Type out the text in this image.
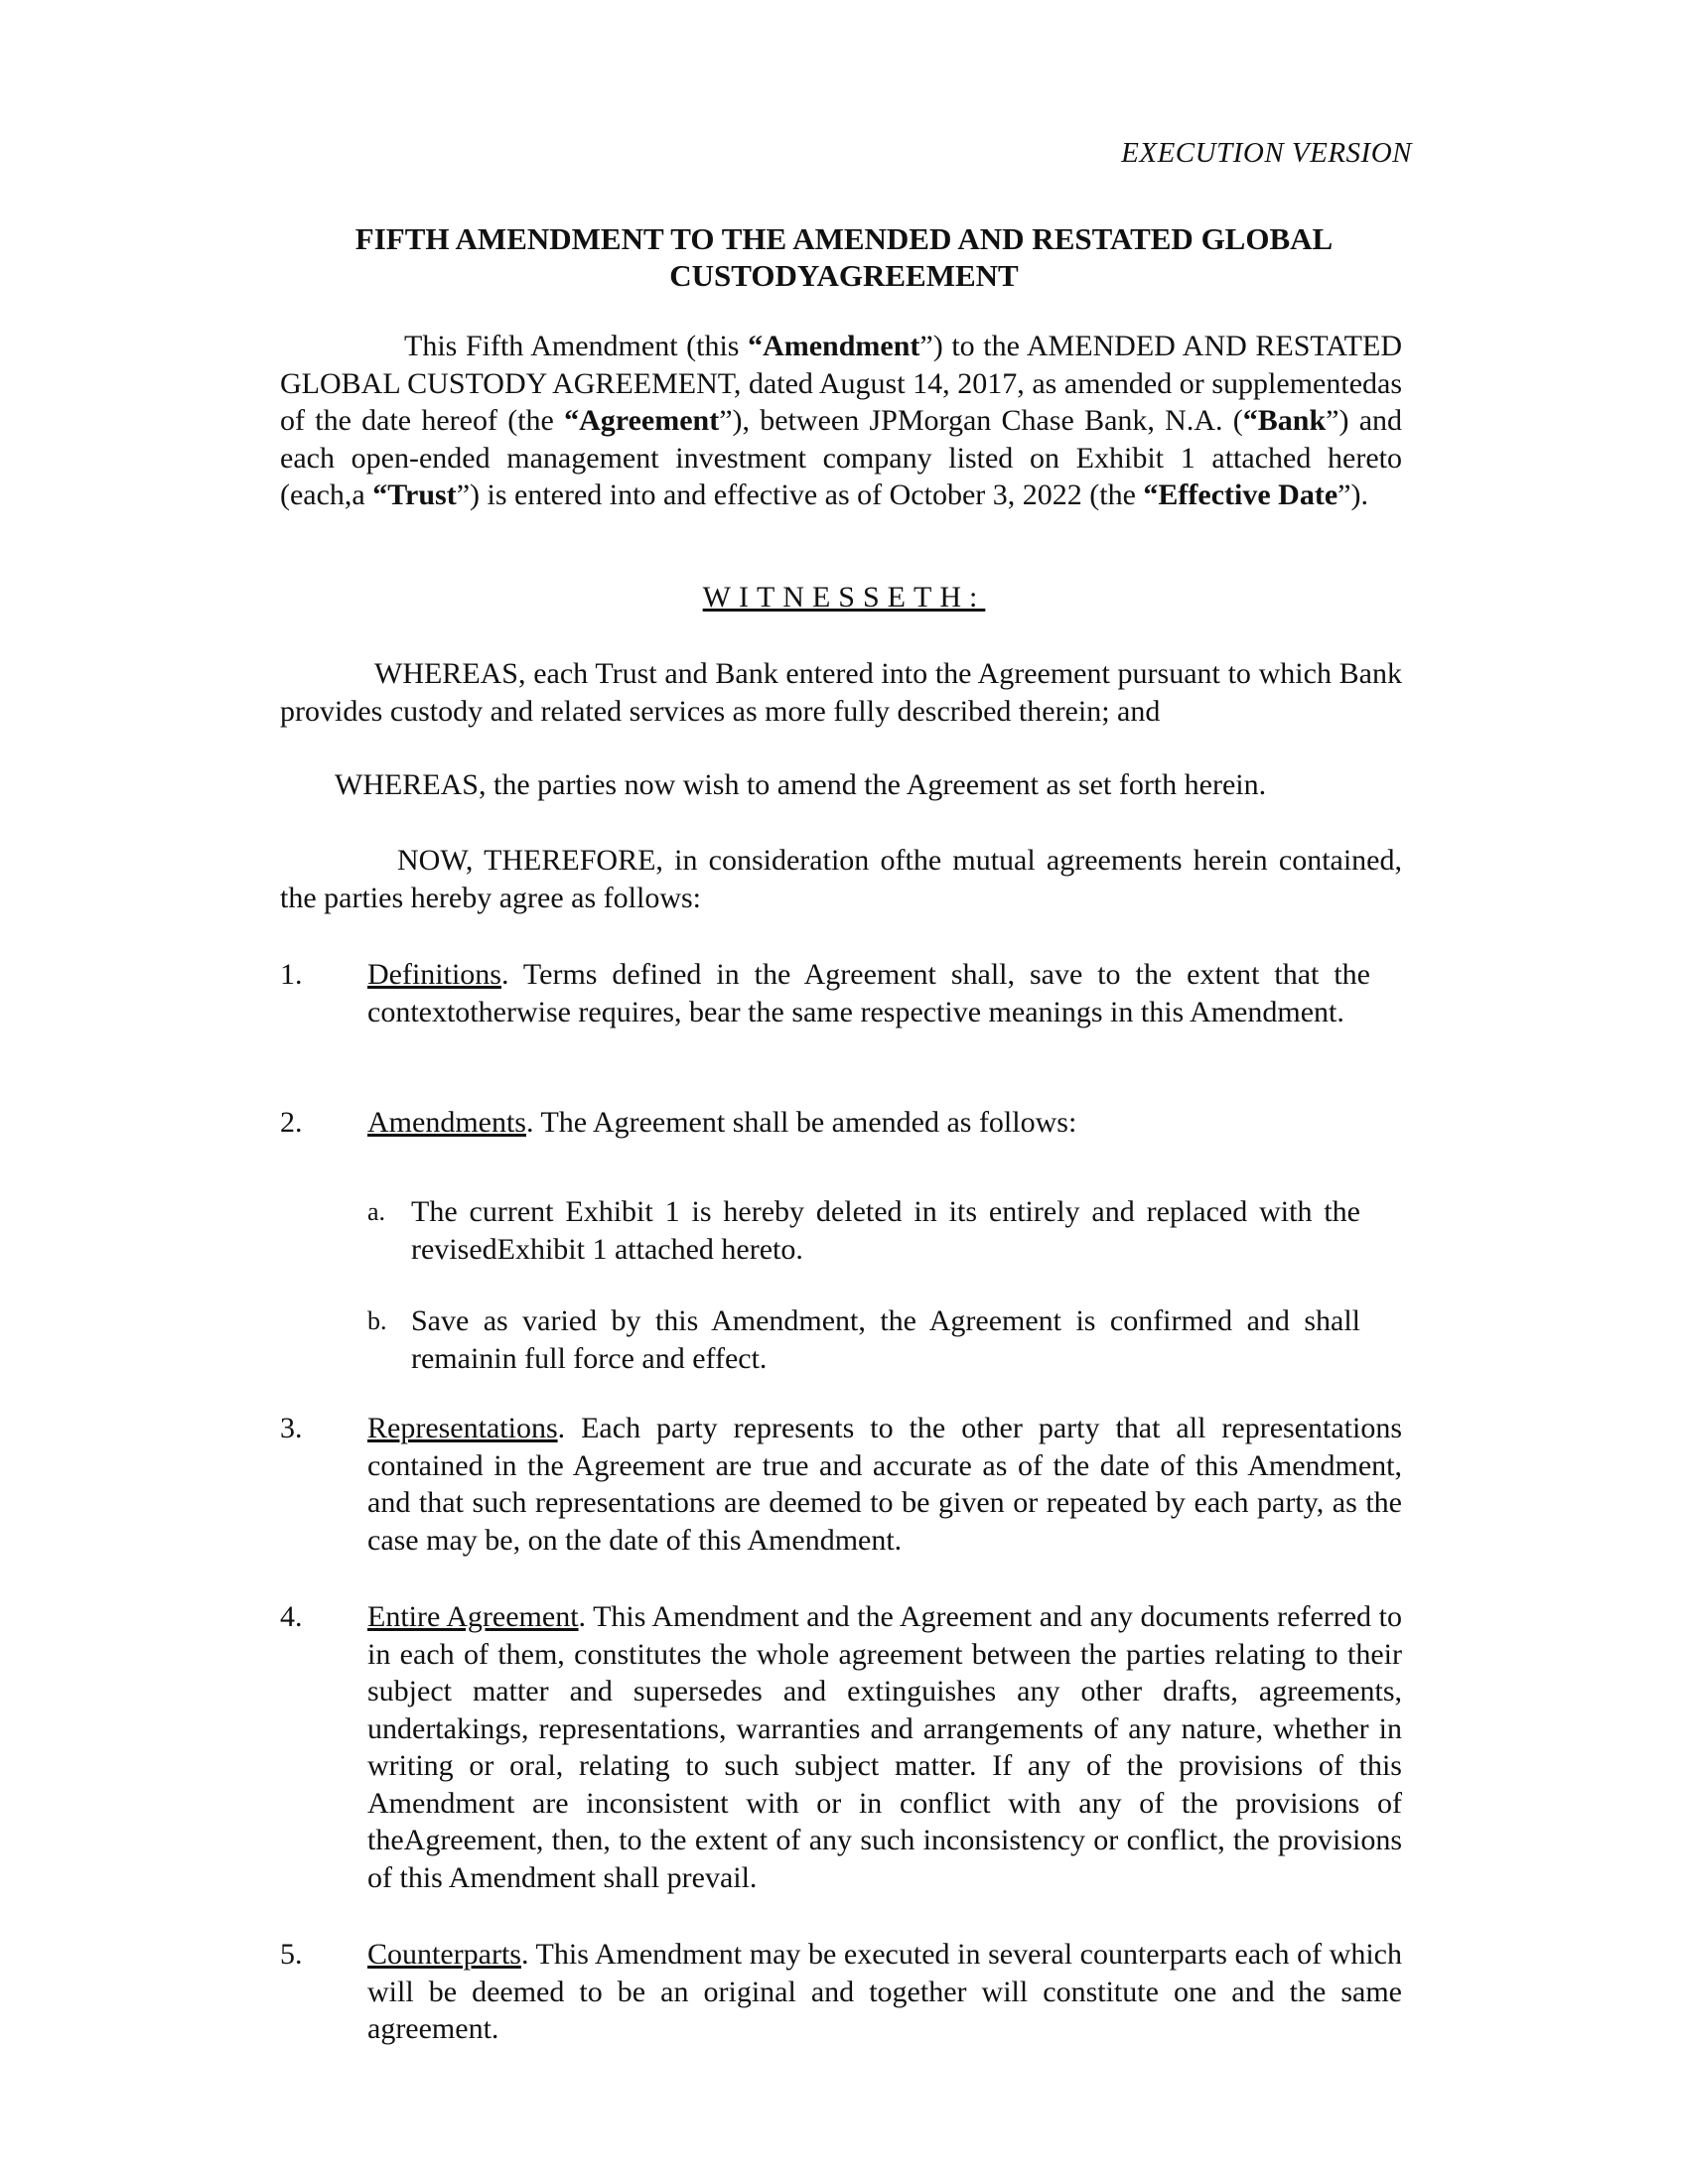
EXECUTION VERSION
FIFTH AMENDMENT TO THE AMENDED AND RESTATED GLOBAL
CUSTODYAGREEMENT
This Fifth Amendment (this “Amendment”) to the AMENDED AND RESTATED GLOBAL CUSTODY AGREEMENT, dated August 14, 2017, as amended or supplementedas of the date hereof (the “Agreement”), between JPMorgan Chase Bank, N.A. (“Bank”) and each open-ended management investment company listed on Exhibit 1 attached hereto (each,a “Trust”) is entered into and effective as of October 3, 2022 (the “Effective Date”).
WITNESSETH:
WHEREAS, each Trust and Bank entered into the Agreement pursuant to which Bank provides custody and related services as more fully described therein; and
WHEREAS, the parties now wish to amend the Agreement as set forth herein.
NOW, THEREFORE, in consideration ofthe mutual agreements herein contained, the parties hereby agree as follows:
1.	Definitions. Terms defined in the Agreement shall, save to the extent that the contextotherwise requires, bear the same respective meanings in this Amendment.
2.	Amendments. The Agreement shall be amended as follows:
a. The current Exhibit 1 is hereby deleted in its entirely and replaced with the revisedExhibit 1 attached hereto.
b. Save as varied by this Amendment, the Agreement is confirmed and shall remainin full force and effect.
3.	Representations. Each party represents to the other party that all representations contained in the Agreement are true and accurate as of the date of this Amendment, and that such representations are deemed to be given or repeated by each party, as the case may be, on the date of this Amendment.
4.	Entire Agreement. This Amendment and the Agreement and any documents referred to in each of them, constitutes the whole agreement between the parties relating to their subject matter and supersedes and extinguishes any other drafts, agreements, undertakings, representations, warranties and arrangements of any nature, whether in writing or oral, relating to such subject matter. If any of the provisions of this Amendment are inconsistent with or in conflict with any of the provisions of theAgreement, then, to the extent of any such inconsistency or conflict, the provisions of this Amendment shall prevail.
5.	Counterparts. This Amendment may be executed in several counterparts each of which will be deemed to be an original and together will constitute one and the same agreement.
